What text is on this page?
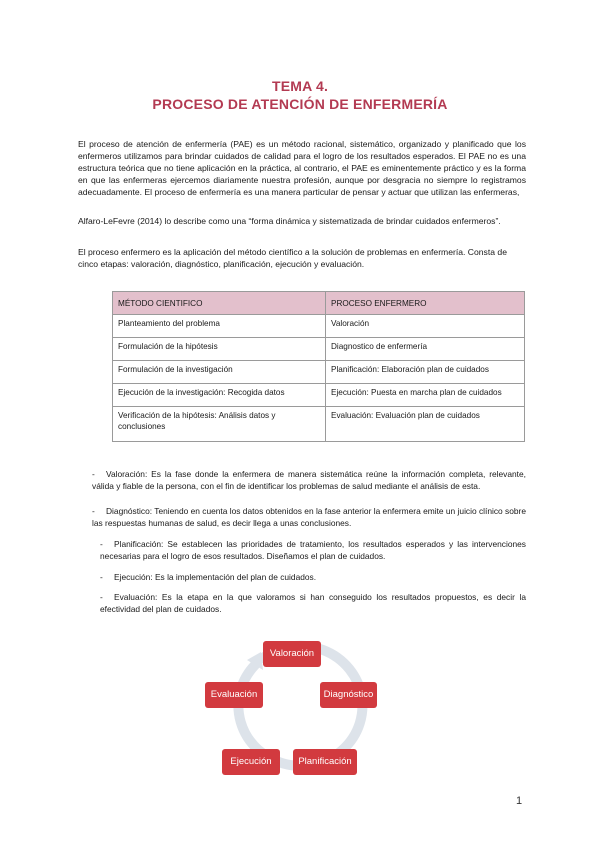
TEMA 4.
PROCESO DE ATENCIÓN DE ENFERMERÍA
El proceso de atención de enfermería (PAE) es un método racional, sistemático, organizado y planificado que los enfermeros utilizamos para brindar cuidados de calidad para el logro de los resultados esperados. El PAE no es una estructura teórica que no tiene aplicación en la práctica, al contrario, el PAE es eminentemente práctico y es la forma en que las enfermeras ejercemos diariamente nuestra profesión, aunque por desgracia no siempre lo registramos adecuadamente. El proceso de enfermería es una manera particular de pensar y actuar que utilizan las enfermeras,
Alfaro-LeFevre (2014) lo describe como una “forma dinámica y sistematizada de brindar cuidados enfermeros”.
El proceso enfermero es la aplicación del método científico a la solución de problemas en enfermería. Consta de cinco etapas: valoración, diagnóstico, planificación, ejecución y evaluación.
MÉTODO CIENTIFICO	PROCESO ENFERMERO
Planteamiento del problema	Valoración
Formulación de la hipótesis	Diagnostico de enfermería
Formulación de la investigación	Planificación: Elaboración plan de cuidados
Ejecución de la investigación: Recogida datos	Ejecución: Puesta en marcha plan de cuidados
Verificación de la hipótesis: Análisis datos y conclusiones	Evaluación: Evaluación plan de cuidados
- Valoración: Es la fase donde la enfermera de manera sistemática reúne la información completa, relevante, válida y fiable de la persona, con el fin de identificar los problemas de salud mediante el análisis de esta.
- Diagnóstico: Teniendo en cuenta los datos obtenidos en la fase anterior la enfermera emite un juicio clínico sobre las respuestas humanas de salud, es decir llega a unas conclusiones.
- Planificación: Se establecen las prioridades de tratamiento, los resultados esperados y las intervenciones necesarias para el logro de esos resultados. Diseñamos el plan de cuidados.
- Ejecución: Es la implementación del plan de cuidados.
- Evaluación: Es la etapa en la que valoramos si han conseguido los resultados propuestos, es decir la efectividad del plan de cuidados.
Valoración
Diagnóstico
Planificación
Ejecución
Evaluación
1
